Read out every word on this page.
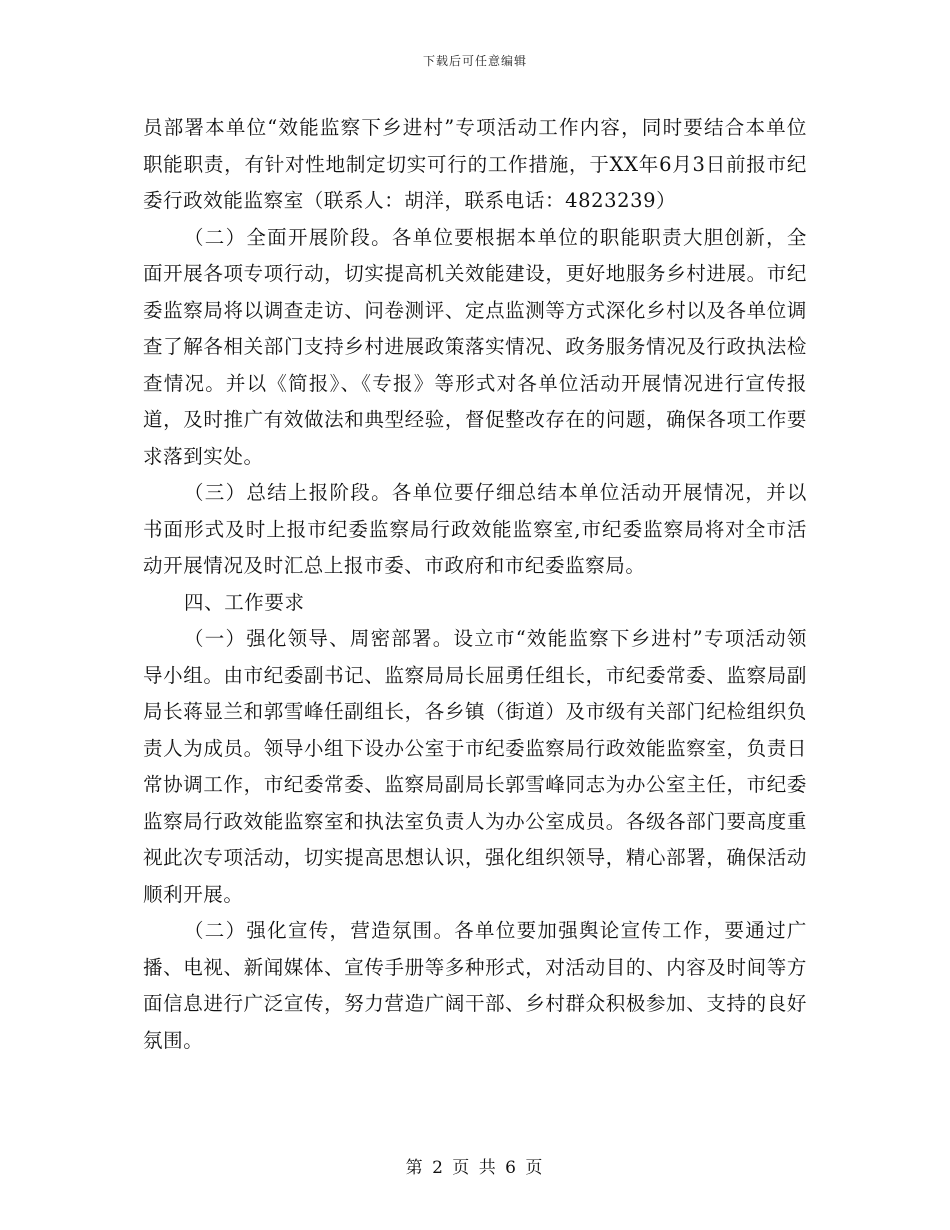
下载后可任意编辑

员部署本单位“效能监察下乡进村”专项活动工作内容，同时要结合本单位职能职责，有针对性地制定切实可行的工作措施，于XX年6月3日前报市纪委行政效能监察室（联系人：胡洋，联系电话：4823239）

（二）全面开展阶段。各单位要根据本单位的职能职责大胆创新，全面开展各项专项行动，切实提高机关效能建设，更好地服务乡村进展。市纪委监察局将以调查走访、问卷测评、定点监测等方式深化乡村以及各单位调查了解各相关部门支持乡村进展政策落实情况、政务服务情况及行政执法检查情况。并以《简报》、《专报》等形式对各单位活动开展情况进行宣传报道，及时推广有效做法和典型经验，督促整改存在的问题，确保各项工作要求落到实处。

（三）总结上报阶段。各单位要仔细总结本单位活动开展情况，并以书面形式及时上报市纪委监察局行政效能监察室,市纪委监察局将对全市活动开展情况及时汇总上报市委、市政府和市纪委监察局。

四、工作要求

（一）强化领导、周密部署。设立市“效能监察下乡进村”专项活动领导小组。由市纪委副书记、监察局局长屈勇任组长，市纪委常委、监察局副局长蒋显兰和郭雪峰任副组长，各乡镇（街道）及市级有关部门纪检组织负责人为成员。领导小组下设办公室于市纪委监察局行政效能监察室，负责日常协调工作，市纪委常委、监察局副局长郭雪峰同志为办公室主任，市纪委监察局行政效能监察室和执法室负责人为办公室成员。各级各部门要高度重视此次专项活动，切实提高思想认识，强化组织领导，精心部署，确保活动顺利开展。

（二）强化宣传，营造氛围。各单位要加强舆论宣传工作，要通过广播、电视、新闻媒体、宣传手册等多种形式，对活动目的、内容及时间等方面信息进行广泛宣传，努力营造广阔干部、乡村群众积极参加、支持的良好氛围。

第 2 页 共 6 页
